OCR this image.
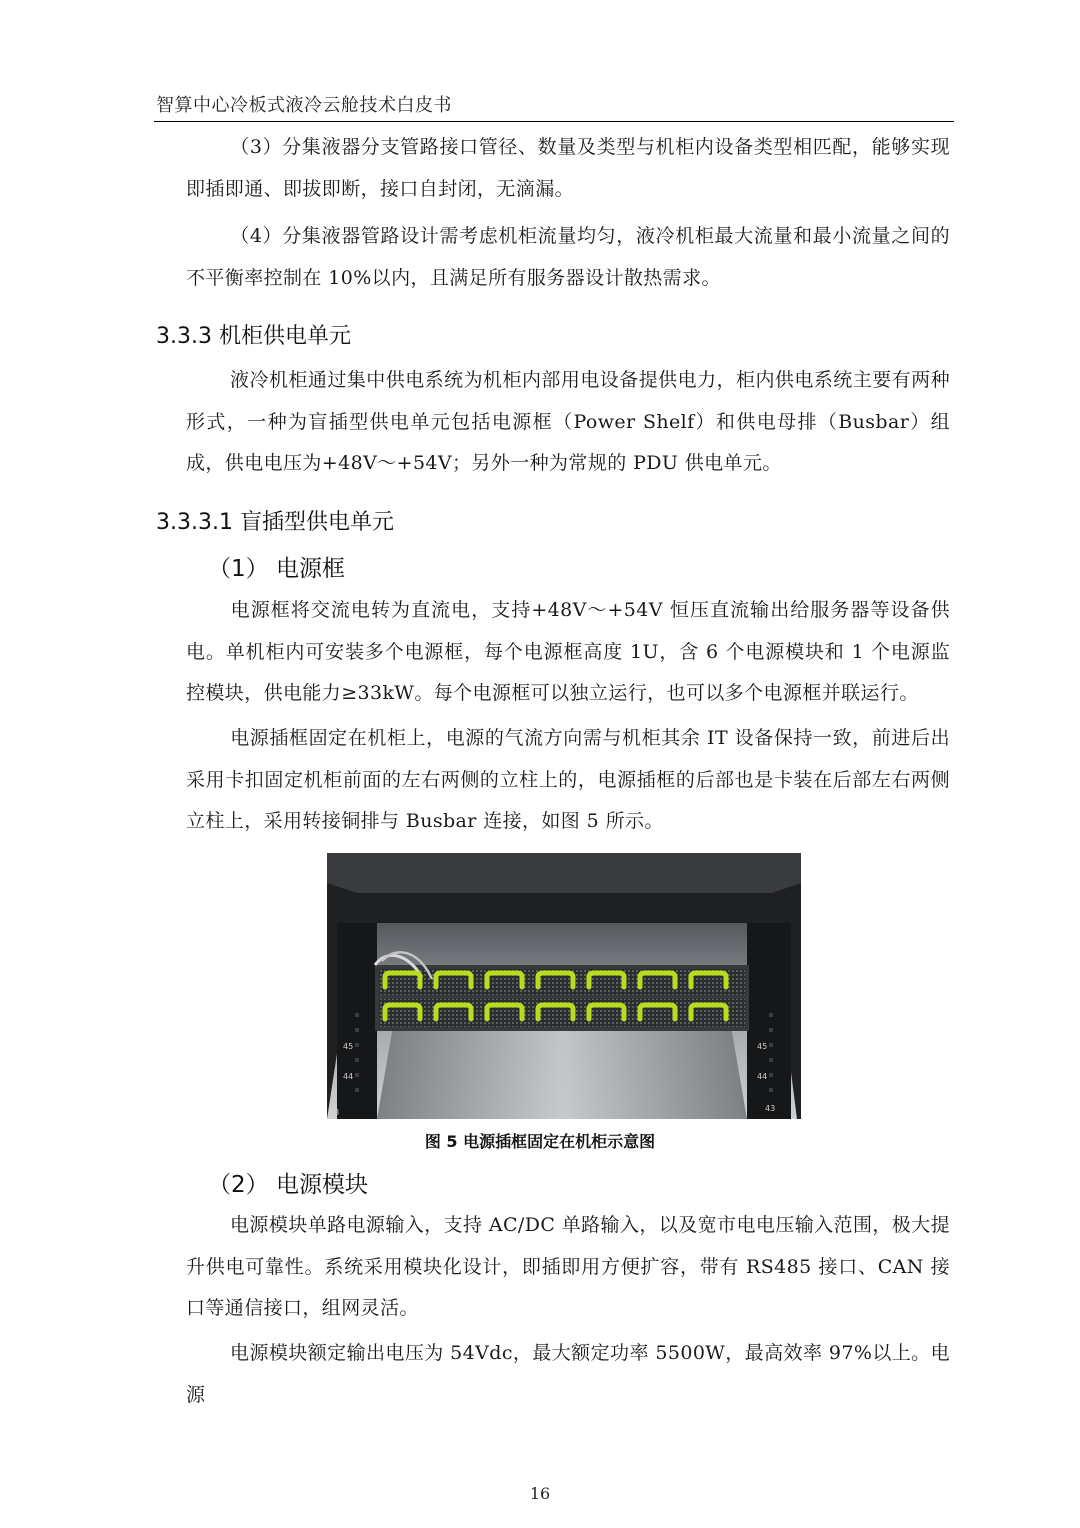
智算中心冷板式液冷云舱技术白皮书

（3）分集液器分支管路接口管径、数量及类型与机柜内设备类型相匹配，能够实现即插即通、即拔即断，接口自封闭，无滴漏。

（4）分集液器管路设计需考虑机柜流量均匀，液冷机柜最大流量和最小流量之间的不平衡率控制在 10%以内，且满足所有服务器设计散热需求。

3.3.3 机柜供电单元

液冷机柜通过集中供电系统为机柜内部用电设备提供电力，柜内供电系统主要有两种形式，一种为盲插型供电单元包括电源框（Power Shelf）和供电母排（Busbar）组成，供电电压为+48V～+54V；另外一种为常规的 PDU 供电单元。

3.3.3.1 盲插型供电单元
（1） 电源框

电源框将交流电转为直流电，支持+48V～+54V 恒压直流输出给服务器等设备供电。单机柜内可安装多个电源框，每个电源框高度 1U，含 6 个电源模块和 1 个电源监控模块，供电能力≥33kW。每个电源框可以独立运行，也可以多个电源框并联运行。

电源插框固定在机柜上，电源的气流方向需与机柜其余 IT 设备保持一致，前进后出采用卡扣固定机柜前面的左右两侧的立柱上的，电源插框的后部也是卡装在后部左右两侧立柱上，采用转接铜排与 Busbar 连接，如图 5 所示。

45
44
43
45
44
43
图 5 电源插框固定在机柜示意图
（2） 电源模块

电源模块单路电源输入，支持 AC/DC 单路输入，以及宽市电电压输入范围，极大提升供电可靠性。系统采用模块化设计，即插即用方便扩容，带有 RS485 接口、CAN 接口等通信接口，组网灵活。

电源模块额定输出电压为 54Vdc，最大额定功率 5500W，最高效率 97%以上。电源

16
